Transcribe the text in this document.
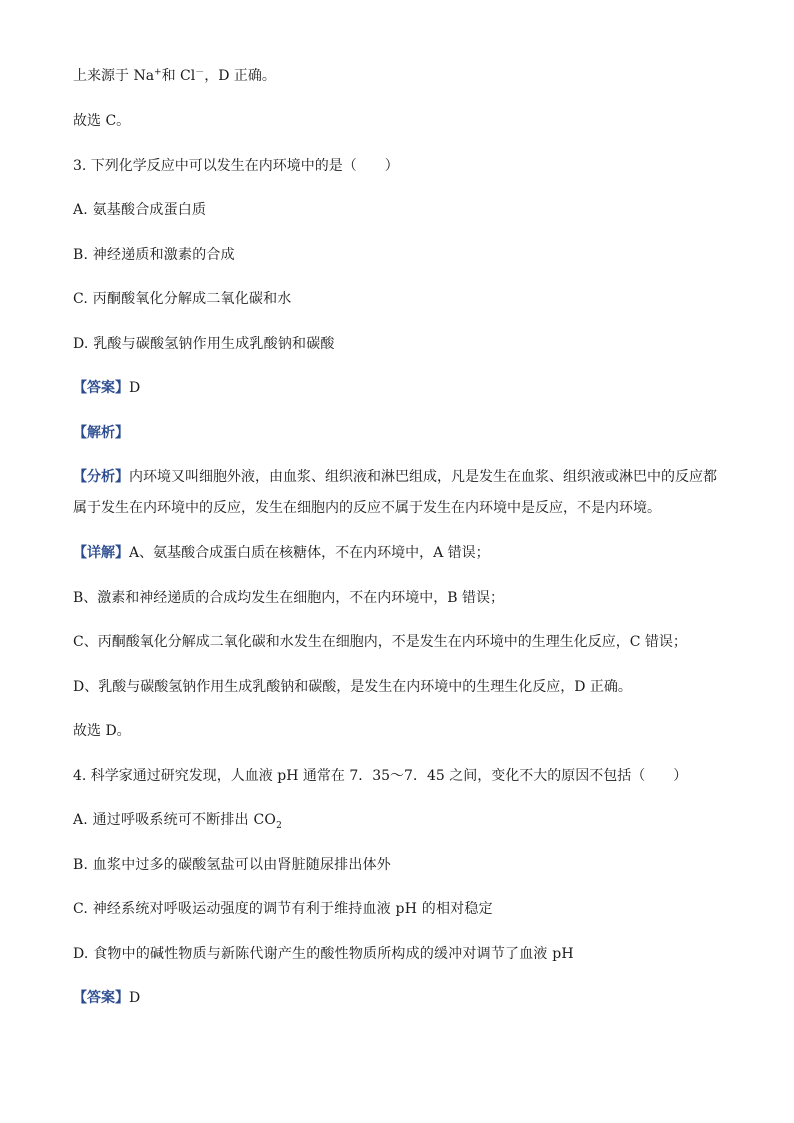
上来源于 Na+和 Cl－，D 正确。
故选 C。
3. 下列化学反应中可以发生在内环境中的是（　　）
A. 氨基酸合成蛋白质
B. 神经递质和激素的合成
C. 丙酮酸氧化分解成二氧化碳和水
D. 乳酸与碳酸氢钠作用生成乳酸钠和碳酸
【答案】D
【解析】
【分析】内环境又叫细胞外液，由血浆、组织液和淋巴组成，凡是发生在血浆、组织液或淋巴中的反应都
属于发生在内环境中的反应，发生在细胞内的反应不属于发生在内环境中是反应，不是内环境。
【详解】A、氨基酸合成蛋白质在核糖体，不在内环境中，A 错误；
B、激素和神经递质的合成均发生在细胞内，不在内环境中，B 错误；
C、丙酮酸氧化分解成二氧化碳和水发生在细胞内，不是发生在内环境中的生理生化反应，C 错误；
D、乳酸与碳酸氢钠作用生成乳酸钠和碳酸，是发生在内环境中的生理生化反应，D 正确。
故选 D。
4. 科学家通过研究发现，人血液 pH 通常在 7．35～7．45 之间，变化不大的原因不包括（　　）
A. 通过呼吸系统可不断排出 $CO_2$
B. 血浆中过多的碳酸氢盐可以由肾脏随尿排出体外
C. 神经系统对呼吸运动强度的调节有利于维持血液 pH 的相对稳定
D. 食物中的碱性物质与新陈代谢产生的酸性物质所构成的缓冲对调节了血液 pH
【答案】D
